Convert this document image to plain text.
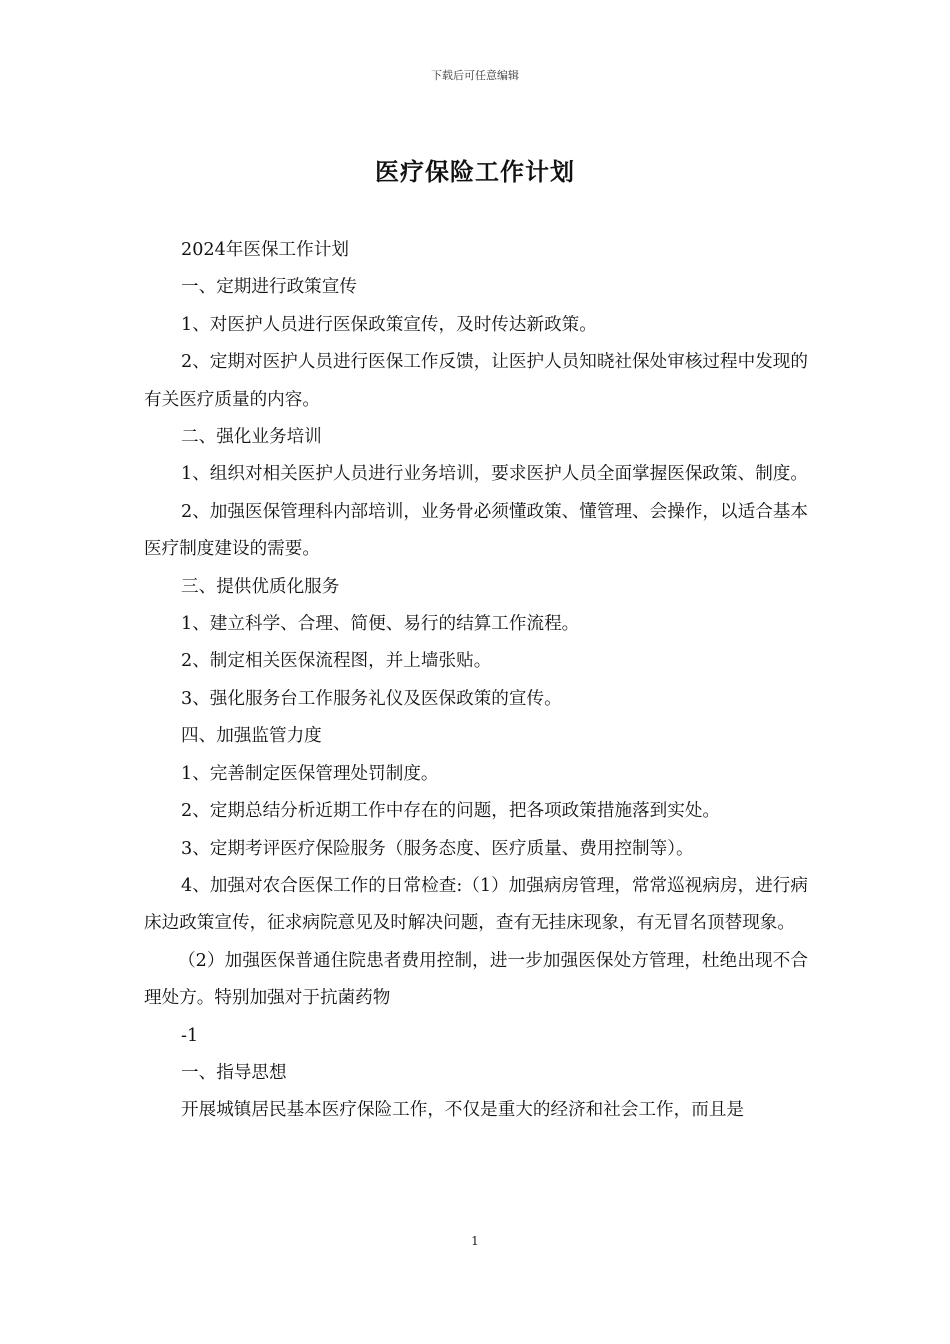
下载后可任意编辑
医疗保险工作计划

2024年医保工作计划

一、定期进行政策宣传

1、对医护人员进行医保政策宣传，及时传达新政策。

2、定期对医护人员进行医保工作反馈，让医护人员知晓社保处审核过程中发现的有关医疗质量的内容。

二、强化业务培训

1、组织对相关医护人员进行业务培训，要求医护人员全面掌握医保政策、制度。

2、加强医保管理科内部培训，业务骨必须懂政策、懂管理、会操作，以适合基本医疗制度建设的需要。

三、提供优质化服务

1、建立科学、合理、简便、易行的结算工作流程。

2、制定相关医保流程图，并上墙张贴。

3、强化服务台工作服务礼仪及医保政策的宣传。

四、加强监管力度

1、完善制定医保管理处罚制度。

2、定期总结分析近期工作中存在的问题，把各项政策措施落到实处。

3、定期考评医疗保险服务（服务态度、医疗质量、费用控制等）。

4、加强对农合医保工作的日常检查:（1）加强病房管理，常常巡视病房，进行病床边政策宣传，征求病院意见及时解决问题，查有无挂床现象，有无冒名顶替现象。

（2）加强医保普通住院患者费用控制，进一步加强医保处方管理，杜绝出现不合理处方。特别加强对于抗菌药物

-1

一、指导思想

开展城镇居民基本医疗保险工作，不仅是重大的经济和社会工作，而且是

1
